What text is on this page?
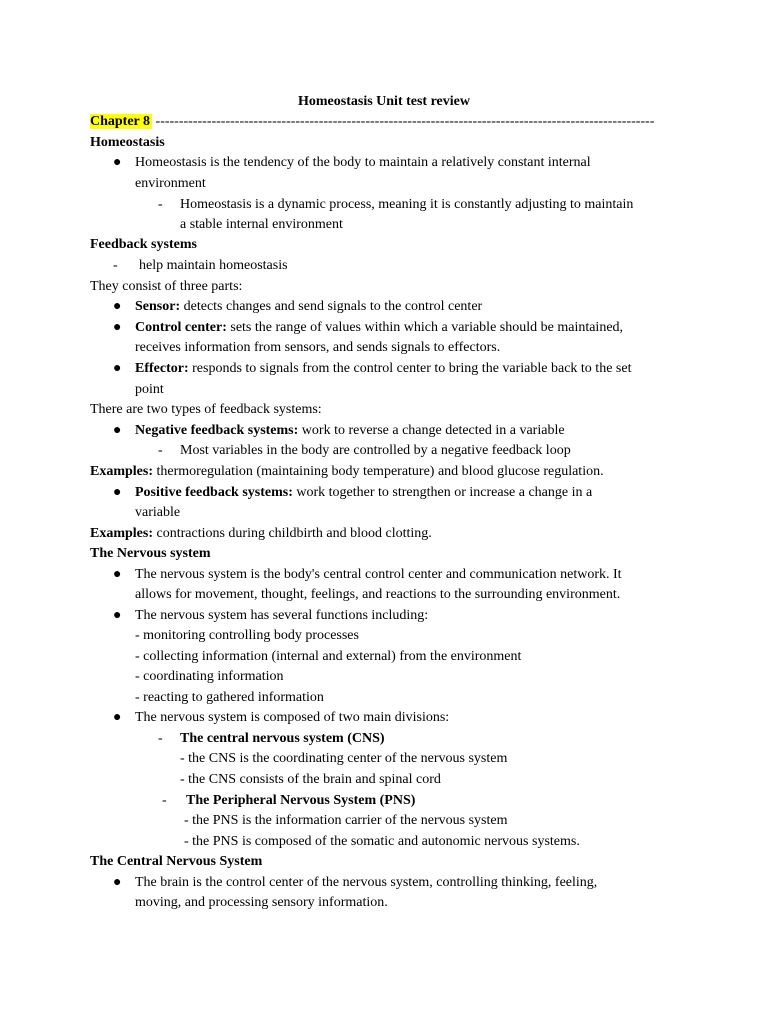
Homeostasis Unit test review
Chapter 8 -----------------------------------------------------------------------------------------------------------
Homeostasis
● Homeostasis is the tendency of the body to maintain a relatively constant internal
environment
- Homeostasis is a dynamic process, meaning it is constantly adjusting to maintain
a stable internal environment
Feedback systems
- help maintain homeostasis
They consist of three parts:
● Sensor: detects changes and send signals to the control center
● Control center: sets the range of values within which a variable should be maintained,
receives information from sensors, and sends signals to effectors.
● Effector: responds to signals from the control center to bring the variable back to the set
point
There are two types of feedback systems:
● Negative feedback systems: work to reverse a change detected in a variable
- Most variables in the body are controlled by a negative feedback loop
Examples: thermoregulation (maintaining body temperature) and blood glucose regulation.
● Positive feedback systems: work together to strengthen or increase a change in a
variable
Examples: contractions during childbirth and blood clotting.
The Nervous system
● The nervous system is the body's central control center and communication network. It
allows for movement, thought, feelings, and reactions to the surrounding environment.
● The nervous system has several functions including:
- monitoring controlling body processes
- collecting information (internal and external) from the environment
- coordinating information
- reacting to gathered information
● The nervous system is composed of two main divisions:
- The central nervous system (CNS)
- the CNS is the coordinating center of the nervous system
- the CNS consists of the brain and spinal cord
- The Peripheral Nervous System (PNS)
- the PNS is the information carrier of the nervous system
- the PNS is composed of the somatic and autonomic nervous systems.
The Central Nervous System
● The brain is the control center of the nervous system, controlling thinking, feeling,
moving, and processing sensory information.
